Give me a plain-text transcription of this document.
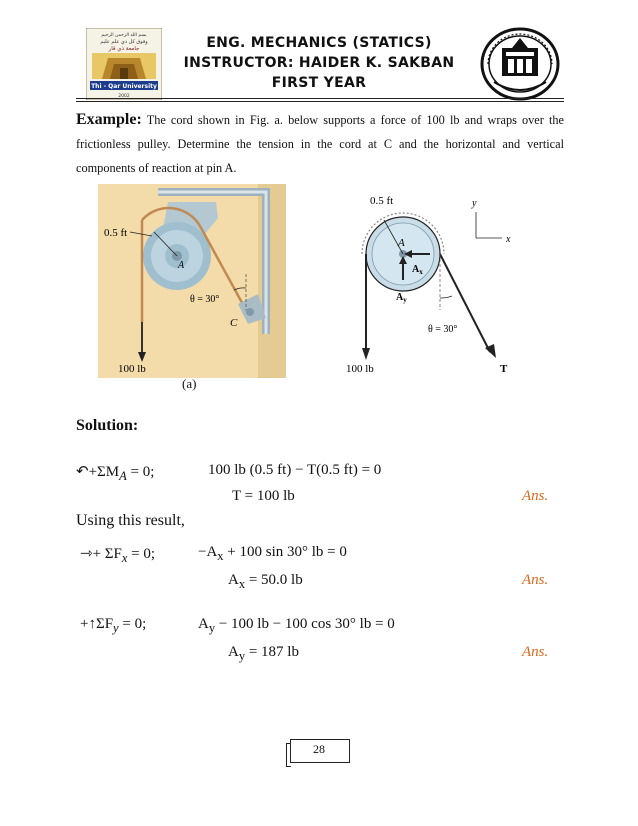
ﺑﺴﻢ ﺍﻟﻠﻪ ﺍﻟﺮﺣﻤﻦ ﺍﻟﺮﺣﻴﻢ
ﻭﻓﻮﻕ ﻛﻞ ﺫﻱ ﻋﻠﻢ ﻋﻠﻴﻢ
ﺟﺎﻣﻌﺔ ﺫﻱ ﻗﺎﺭ
Thi - Qar University
2002
ENG. MECHANICS (STATICS)
INSTRUCTOR: HAIDER K. SAKBAN
FIRST YEAR
Example: The cord shown in Fig. a. below supports a force of 100 lb and wraps over the frictionless pulley. Determine the tension in the cord at C and the horizontal and vertical components of reaction at pin A.
0.5 ft
A
θ = 30°
C
100 lb
(a)
0.5 ft
A
$A_x$
$A_y$
θ = 30°
100 lb	T
y
x
Solution:
$↶+\Sigma M_A = 0$;	100 lb (0.5 ft) − T(0.5 ft) = 0
T = 100 lb	Ans.
Using this result,
⇾+ $\Sigma F_x = 0$;	$-A_x + 100$ sin 30° lb = 0
$A_x = 50.0$ lb	Ans.
$+↑\Sigma F_y = 0$;	$A_y - 100$ lb − 100 cos 30° lb = 0
$A_y = 187$ lb	Ans.
28
